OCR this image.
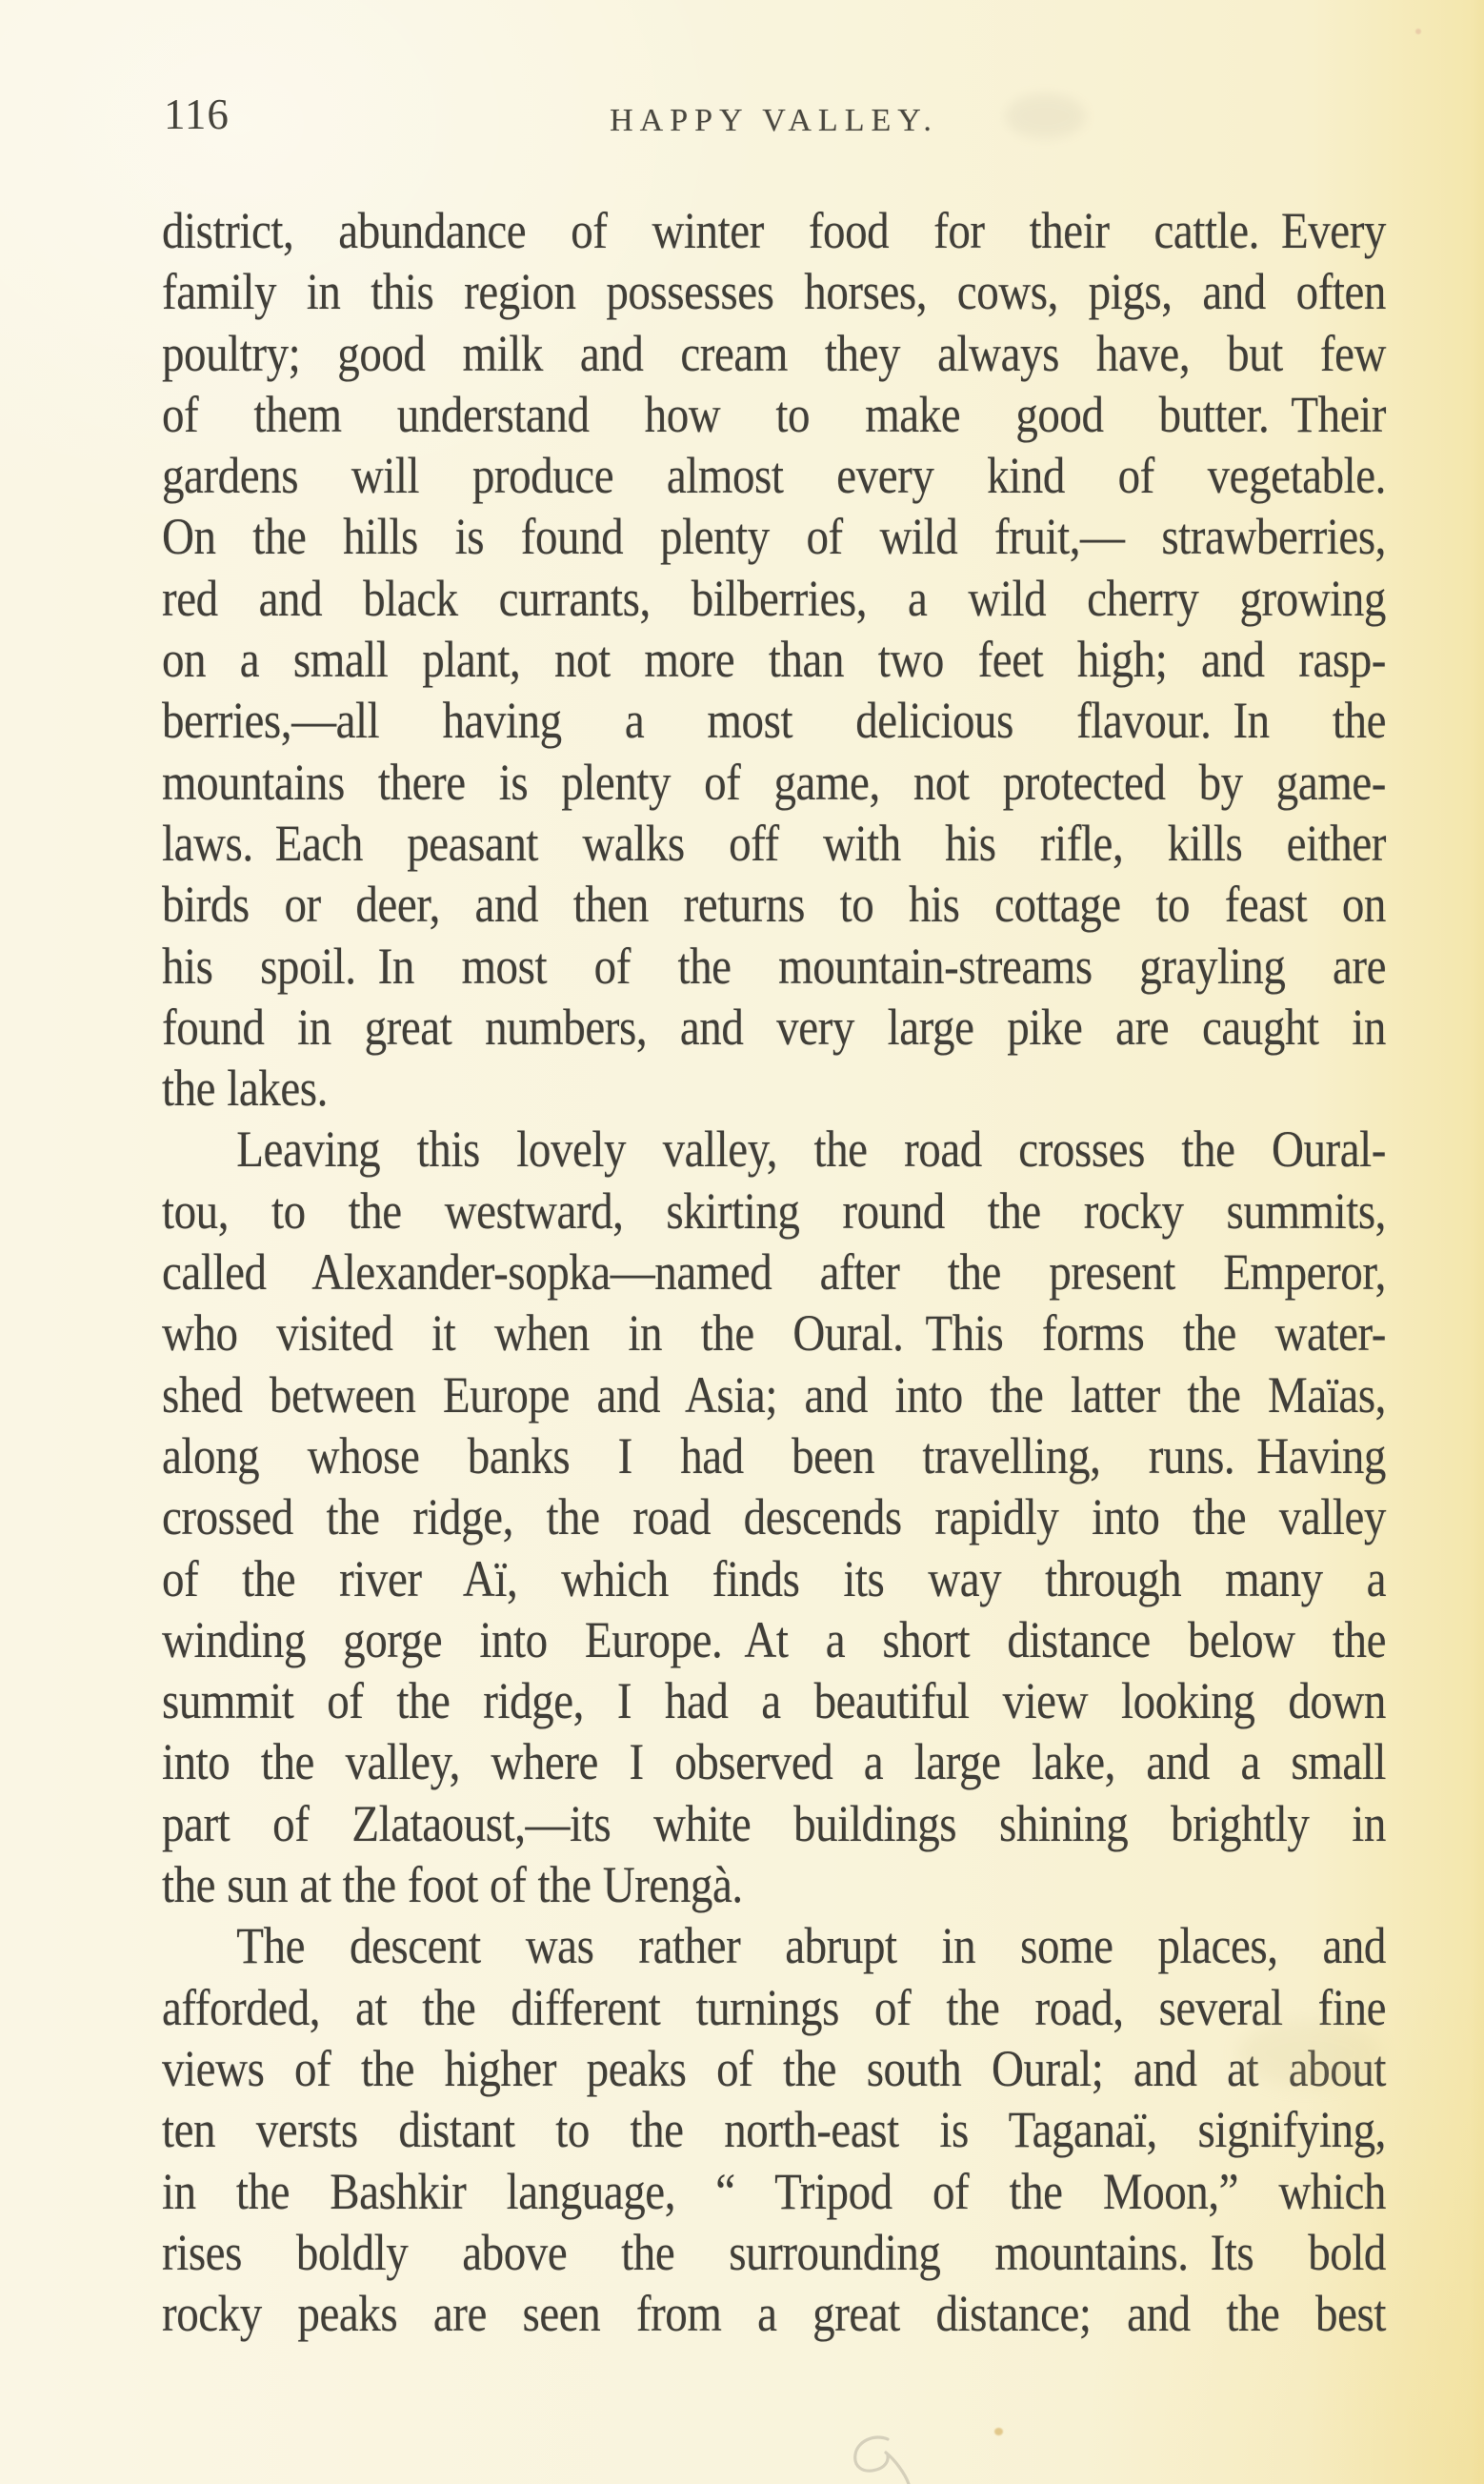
116	HAPPY VALLEY.
district, abundance of winter food for their cattle. Every
family in this region possesses horses, cows, pigs, and often
poultry; good milk and cream they always have, but few
of them understand how to make good butter. Their
gardens will produce almost every kind of vegetable.
On the hills is found plenty of wild fruit,— strawberries,
red and black currants, bilberries, a wild cherry growing
on a small plant, not more than two feet high; and rasp-
berries,—all having a most delicious flavour. In the
mountains there is plenty of game, not protected by game-
laws. Each peasant walks off with his rifle, kills either
birds or deer, and then returns to his cottage to feast on
his spoil. In most of the mountain-streams grayling are
found in great numbers, and very large pike are caught in
the lakes.
Leaving this lovely valley, the road crosses the Oural-
tou, to the westward, skirting round the rocky summits,
called Alexander-sopka—named after the present Emperor,
who visited it when in the Oural. This forms the water-
shed between Europe and Asia; and into the latter the Maïas,
along whose banks I had been travelling, runs. Having
crossed the ridge, the road descends rapidly into the valley
of the river Aï, which finds its way through many a
winding gorge into Europe. At a short distance below the
summit of the ridge, I had a beautiful view looking down
into the valley, where I observed a large lake, and a small
part of Zlataoust,—its white buildings shining brightly in
the sun at the foot of the Urengà.
The descent was rather abrupt in some places, and
afforded, at the different turnings of the road, several fine
views of the higher peaks of the south Oural; and at about
ten versts distant to the north-east is Taganaï, signifying,
in the Bashkir language, “ Tripod of the Moon,” which
rises boldly above the surrounding mountains. Its bold
rocky peaks are seen from a great distance; and the best
